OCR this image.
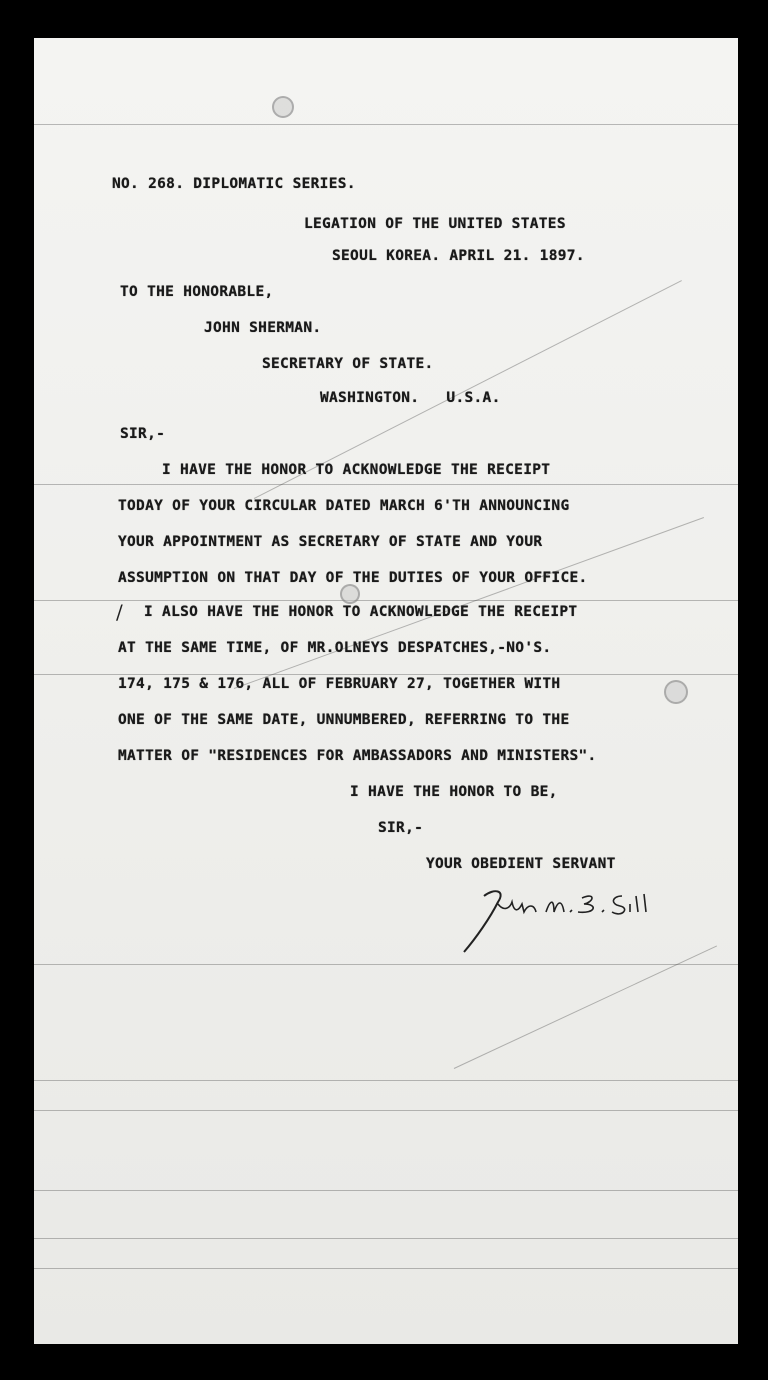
NO. 268. DIPLOMATIC SERIES.
LEGATION OF THE UNITED STATES
SEOUL KOREA. APRIL 21. 1897.
TO THE HONORABLE,
JOHN SHERMAN.
SECRETARY OF STATE.
WASHINGTON.   U.S.A.
SIR,-
I HAVE THE HONOR TO ACKNOWLEDGE THE RECEIPT
TODAY OF YOUR CIRCULAR DATED MARCH 6'TH ANNOUNCING
YOUR APPOINTMENT AS SECRETARY OF STATE AND YOUR
ASSUMPTION ON THAT DAY OF THE DUTIES OF YOUR OFFICE.
/ I ALSO HAVE THE HONOR TO ACKNOWLEDGE THE RECEIPT
AT THE SAME TIME, OF MR.OLNEYS DESPATCHES,-NO'S.
174, 175 & 176, ALL OF FEBRUARY 27, TOGETHER WITH
ONE OF THE SAME DATE, UNNUMBERED, REFERRING TO THE
MATTER OF "RESIDENCES FOR AMBASSADORS AND MINISTERS".
I HAVE THE HONOR TO BE,
SIR,-
YOUR OBEDIENT SERVANT
